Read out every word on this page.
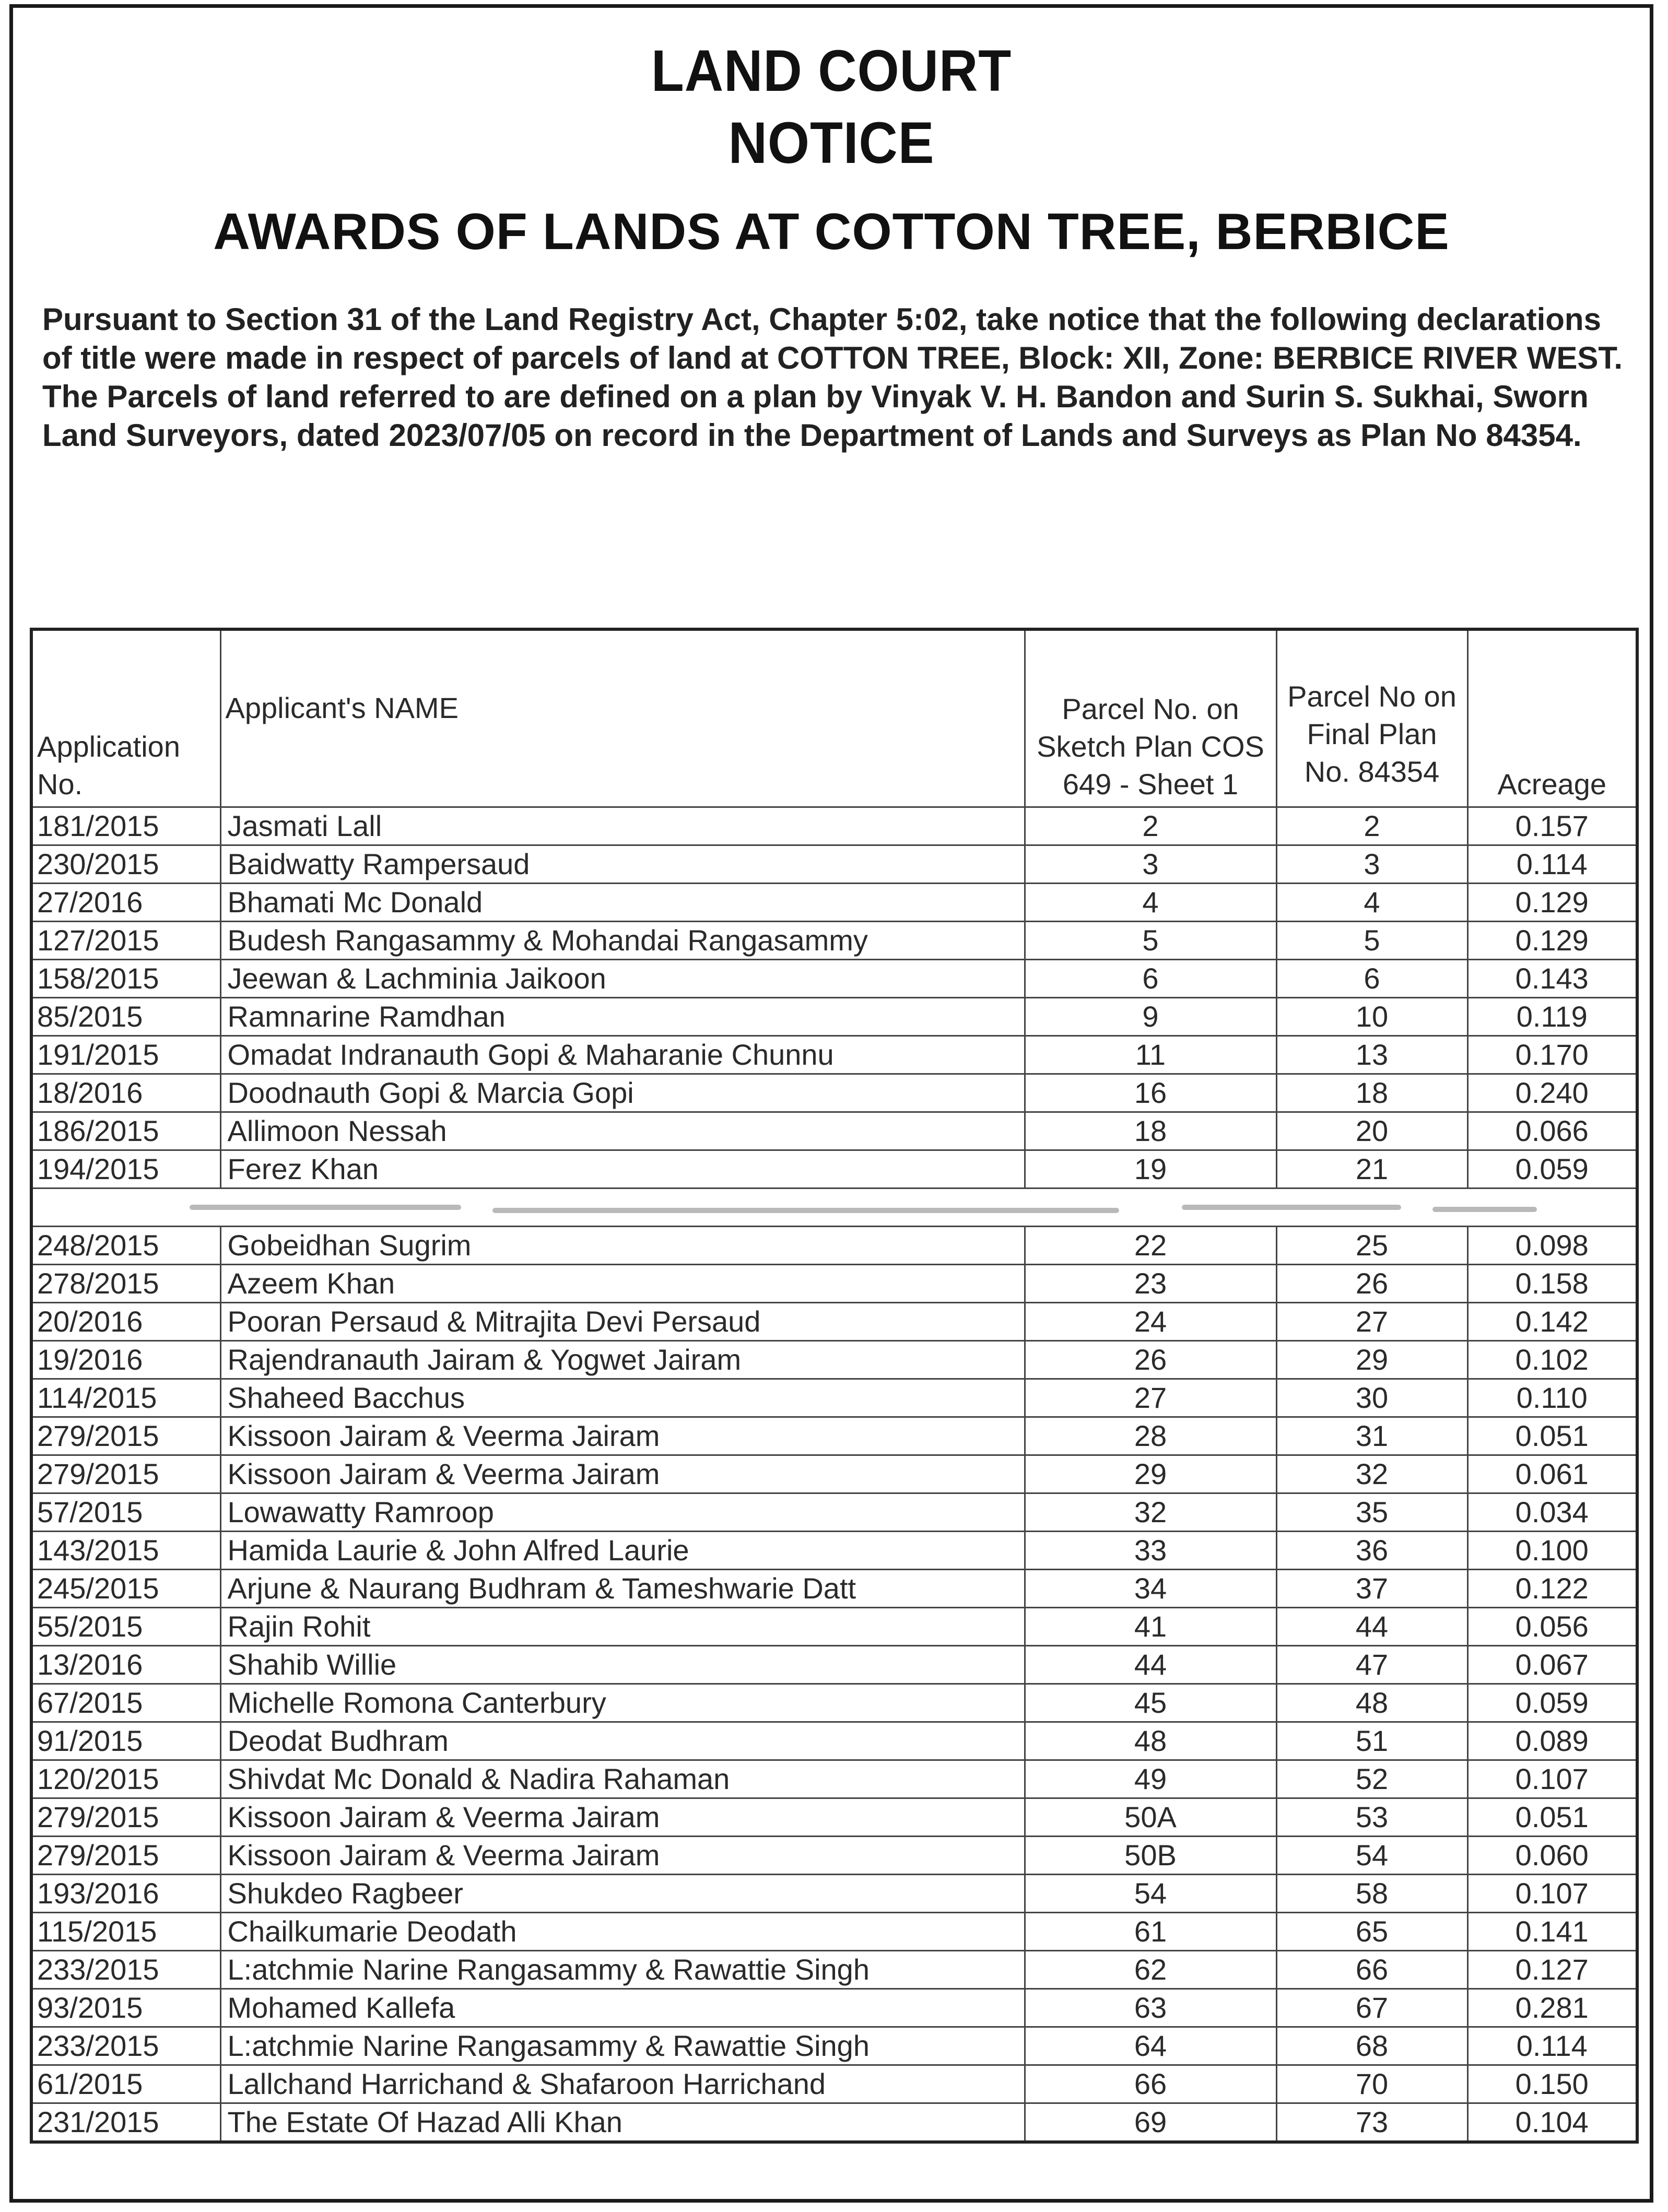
LAND COURT
NOTICE
AWARDS OF LANDS AT COTTON TREE, BERBICE
Pursuant to Section 31 of the Land Registry Act, Chapter 5:02, take notice that the following declarations of title were made in respect of parcels of land at COTTON TREE, Block: XII, Zone: BERBICE RIVER WEST. The Parcels of land referred to are defined on a plan by Vinyak V. H. Bandon and Surin S. Sukhai, Sworn Land Surveyors, dated 2023/07/05 on record in the Department of Lands and Surveys as Plan No 84354.
Application No.	Applicant's NAME	Parcel No. on Sketch Plan COS 649 - Sheet 1	Parcel No on Final Plan No. 84354	Acreage
181/2015	Jasmati Lall	2	2	0.157
230/2015	Baidwatty Rampersaud	3	3	0.114
27/2016	Bhamati Mc Donald	4	4	0.129
127/2015	Budesh Rangasammy & Mohandai Rangasammy	5	5	0.129
158/2015	Jeewan & Lachminia Jaikoon	6	6	0.143
85/2015	Ramnarine Ramdhan	9	10	0.119
191/2015	Omadat Indranauth Gopi & Maharanie Chunnu	11	13	0.170
18/2016	Doodnauth Gopi & Marcia Gopi	16	18	0.240
186/2015	Allimoon Nessah	18	20	0.066
194/2015	Ferez Khan	19	21	0.059

248/2015	Gobeidhan Sugrim	22	25	0.098
278/2015	Azeem Khan	23	26	0.158
20/2016	Pooran Persaud & Mitrajita Devi Persaud	24	27	0.142
19/2016	Rajendranauth Jairam & Yogwet Jairam	26	29	0.102
114/2015	Shaheed Bacchus	27	30	0.110
279/2015	Kissoon Jairam & Veerma Jairam	28	31	0.051
279/2015	Kissoon Jairam & Veerma Jairam	29	32	0.061
57/2015	Lowawatty Ramroop	32	35	0.034
143/2015	Hamida Laurie & John Alfred Laurie	33	36	0.100
245/2015	Arjune & Naurang Budhram & Tameshwarie Datt	34	37	0.122
55/2015	Rajin Rohit	41	44	0.056
13/2016	Shahib Willie	44	47	0.067
67/2015	Michelle Romona Canterbury	45	48	0.059
91/2015	Deodat Budhram	48	51	0.089
120/2015	Shivdat Mc Donald & Nadira Rahaman	49	52	0.107
279/2015	Kissoon Jairam & Veerma Jairam	50A	53	0.051
279/2015	Kissoon Jairam & Veerma Jairam	50B	54	0.060
193/2016	Shukdeo Ragbeer	54	58	0.107
115/2015	Chailkumarie Deodath	61	65	0.141
233/2015	L:atchmie Narine Rangasammy & Rawattie Singh	62	66	0.127
93/2015	Mohamed Kallefa	63	67	0.281
233/2015	L:atchmie Narine Rangasammy & Rawattie Singh	64	68	0.114
61/2015	Lallchand Harrichand & Shafaroon Harrichand	66	70	0.150
231/2015	The Estate Of Hazad Alli Khan	69	73	0.104
